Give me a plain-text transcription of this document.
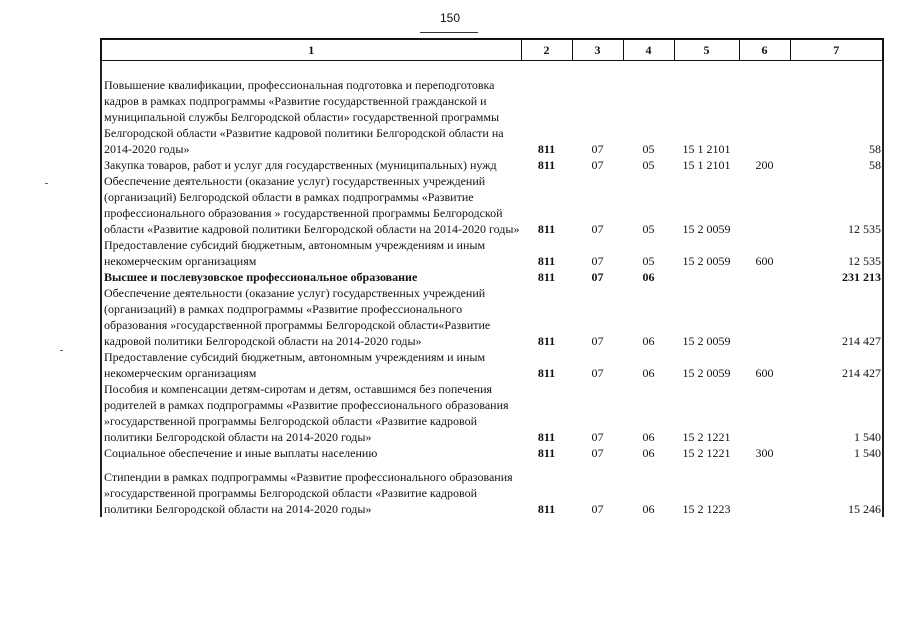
150
1	2	3	4	5	6	7
Повышение квалификации, профессиональная подготовка и переподготовка кадров в рамках подпрограммы «Развитие государственной гражданской и муниципальной службы Белгородской области» государственной программы Белгородской области «Развитие кадровой политики Белгородской области на 2014-2020 годы»	811	07	05	15 1 2101		58
Закупка товаров, работ и услуг для государственных (муниципальных) нужд	811	07	05	15 1 2101	200	58
Обеспечение деятельности (оказание услуг) государственных учреждений (организаций) Белгородской области в рамках подпрограммы «Развитие профессионального образования » государственной программы Белгородской области «Развитие кадровой политики Белгородской области на 2014-2020 годы»	811	07	05	15 2 0059		12 535
Предоставление субсидий бюджетным, автономным учреждениям и иным некомерческим организациям	811	07	05	15 2 0059	600	12 535
Высшее и послевузовское профессиональное образование	811	07	06			231 213
Обеспечение деятельности (оказание услуг) государственных учреждений (организаций) в рамках подпрограммы «Развитие профессионального образования »государственной программы Белгородской области«Развитие кадровой политики Белгородской области на 2014-2020 годы»	811	07	06	15 2 0059		214 427
Предоставление субсидий бюджетным, автономным учреждениям и иным некомерческим организациям	811	07	06	15 2 0059	600	214 427
Пособия и компенсации детям-сиротам и детям, оставшимся без попечения родителей в рамках подпрограммы «Развитие профессионального образования »государственной программы Белгородской области «Развитие кадровой политики Белгородской области на 2014-2020 годы»	811	07	06	15 2 1221		1 540
Социальное обеспечение и иные выплаты населению	811	07	06	15 2 1221	300	1 540
Стипендии в рамках подпрограммы «Развитие профессионального образования »государственной программы Белгородской области «Развитие кадровой политики Белгородской области на 2014-2020 годы»	811	07	06	15 2 1223		15 246
